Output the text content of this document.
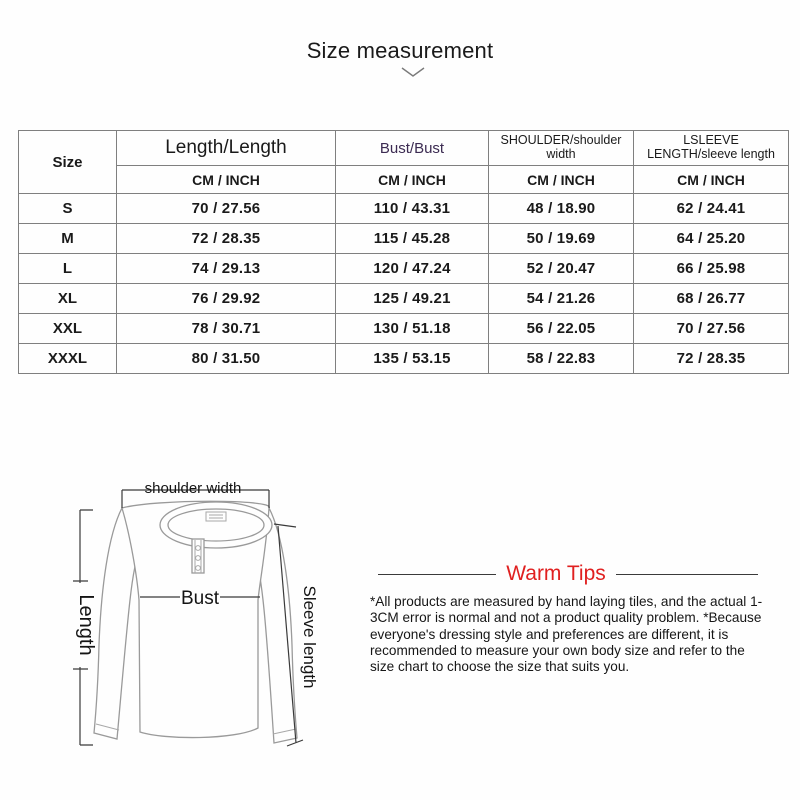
Size measurement
Size	Length/Length	Bust/Bust	SHOULDER/shoulder width	LSLEEVE LENGTH/sleeve length
	CM / INCH	CM / INCH	CM / INCH	CM / INCH
S	70 / 27.56	110 / 43.31	48 / 18.90	62 / 24.41
M	72 / 28.35	115 / 45.28	50 / 19.69	64 / 25.20
L	74 / 29.13	120 / 47.24	52 / 20.47	66 / 25.98
XL	76 / 29.92	125 / 49.21	54 / 21.26	68 / 26.77
XXL	78 / 30.71	130 / 51.18	56 / 22.05	70 / 27.56
XXXL	80 / 31.50	135 / 53.15	58 / 22.83	72 / 28.35
shoulder width
Length	Bust	Sleeve length
Warm Tips
*All products are measured by hand laying tiles, and the actual 1-3CM error is normal and not a product quality problem. *Because everyone's dressing style and preferences are different, it is recommended to measure your own body size and refer to the size chart to choose the size that suits you.
